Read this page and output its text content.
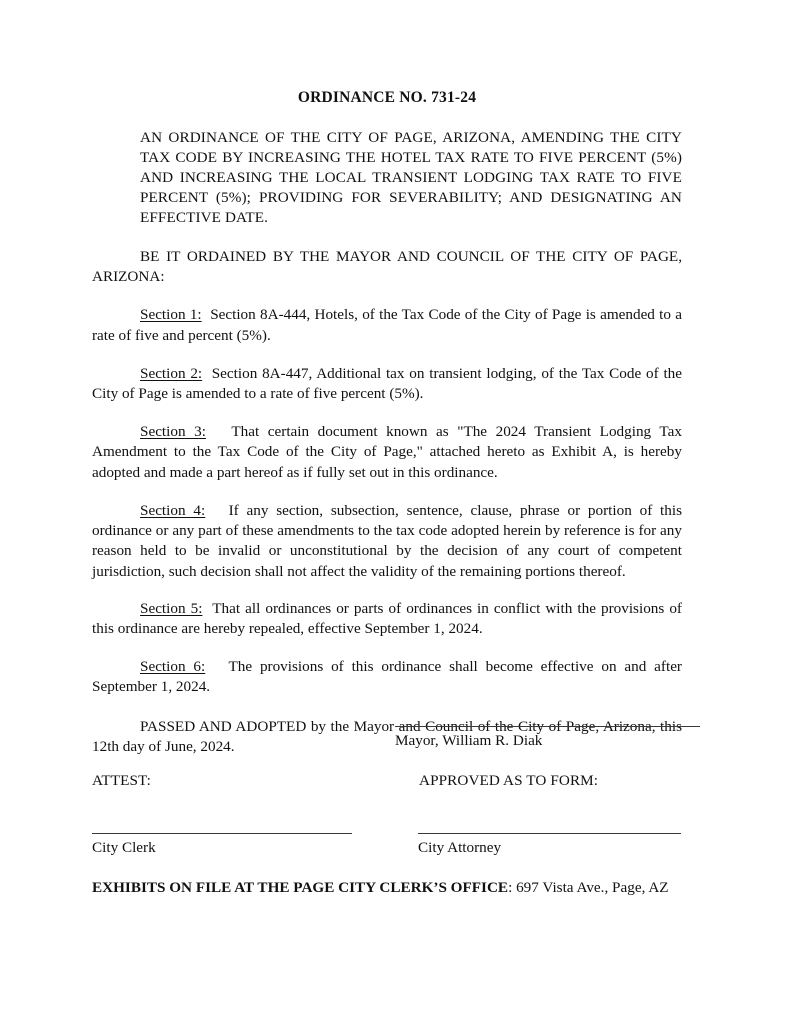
ORDINANCE NO. 731-24

AN ORDINANCE OF THE CITY OF PAGE, ARIZONA, AMENDING THE CITY TAX CODE BY INCREASING THE HOTEL TAX RATE TO FIVE PERCENT (5%) AND INCREASING THE LOCAL TRANSIENT LODGING TAX RATE TO FIVE PERCENT (5%); PROVIDING FOR SEVERABILITY; AND DESIGNATING AN EFFECTIVE DATE.

BE IT ORDAINED BY THE MAYOR AND COUNCIL OF THE CITY OF PAGE, ARIZONA:

Section 1: Section 8A-444, Hotels, of the Tax Code of the City of Page is amended to a rate of five and percent (5%).

Section 2: Section 8A-447, Additional tax on transient lodging, of the Tax Code of the City of Page is amended to a rate of five percent (5%).

Section 3: That certain document known as "The 2024 Transient Lodging Tax Amendment to the Tax Code of the City of Page," attached hereto as Exhibit A, is hereby adopted and made a part hereof as if fully set out in this ordinance.

Section 4: If any section, subsection, sentence, clause, phrase or portion of this ordinance or any part of these amendments to the tax code adopted herein by reference is for any reason held to be invalid or unconstitutional by the decision of any court of competent jurisdiction, such decision shall not affect the validity of the remaining portions thereof.

Section 5: That all ordinances or parts of ordinances in conflict with the provisions of this ordinance are hereby repealed, effective September 1, 2024.

Section 6: The provisions of this ordinance shall become effective on and after September 1, 2024.

PASSED AND ADOPTED by the Mayor and Council of the City of Page, Arizona, this 12th day of June, 2024.	Mayor, William R. Diak
ATTEST:	APPROVED AS TO FORM:
City Clerk	City Attorney
EXHIBITS ON FILE AT THE PAGE CITY CLERK’S OFFICE: 697 Vista Ave., Page, AZ
